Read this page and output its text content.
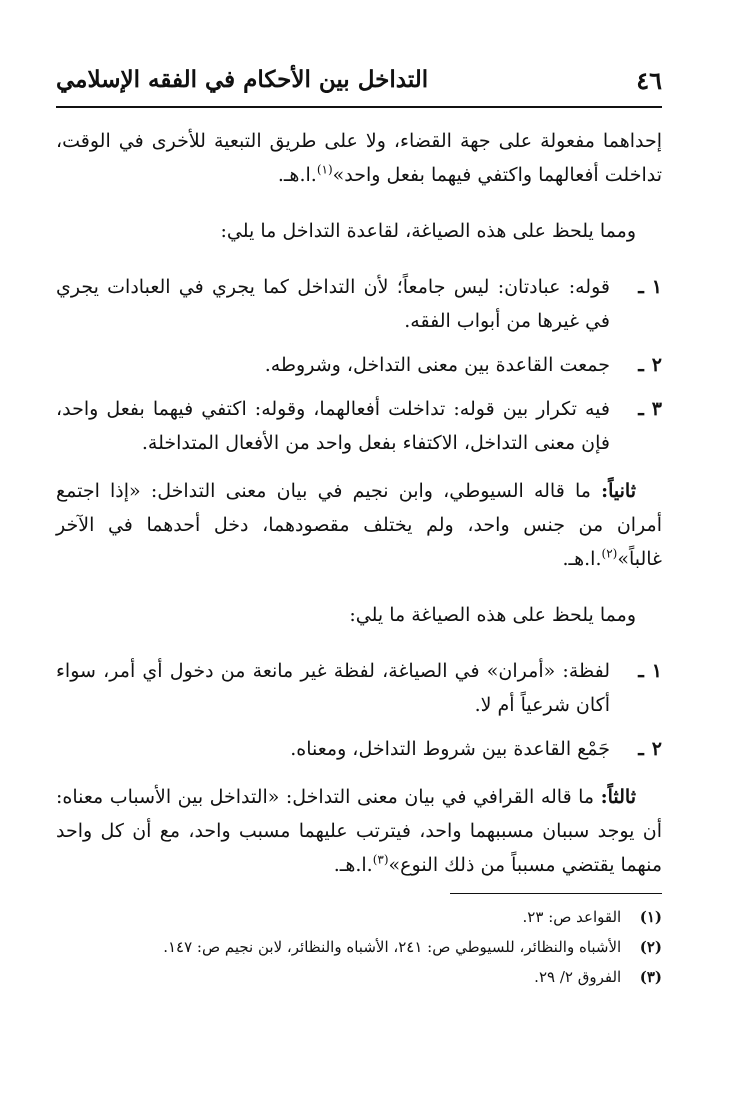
٤٦
التداخل بين الأحكام في الفقه الإسلامي

إحداهما مفعولة على جهة القضاء، ولا على طريق التبعية للأخرى في الوقت، تداخلت أفعالهما واكتفي فيهما بفعل واحد»$^{(١)}$.ا.هـ.

ومما يلحظ على هذه الصياغة، لقاعدة التداخل ما يلي:

١ـ
قوله: عبادتان: ليس جامعاً؛ لأن التداخل كما يجري في العبادات يجري في غيرها من أبواب الفقه.
٢ـ
جمعت القاعدة بين معنى التداخل، وشروطه.
٣ـ
فيه تكرار بين قوله: تداخلت أفعالهما، وقوله: اكتفي فيهما بفعل واحد، فإن معنى التداخل، الاكتفاء بفعل واحد من الأفعال المتداخلة.

ثانياً: ما قاله السيوطي، وابن نجيم في بيان معنى التداخل: «إذا اجتمع أمران من جنس واحد، ولم يختلف مقصودهما، دخل أحدهما في الآخر غالباً»$^{(٢)}$.ا.هـ.

ومما يلحظ على هذه الصياغة ما يلي:

١ـ
لفظة: «أمران» في الصياغة، لفظة غير مانعة من دخول أي أمر، سواء أكان شرعياً أم لا.
٢ـ
جَمْع القاعدة بين شروط التداخل، ومعناه.

ثالثاً: ما قاله القرافي في بيان معنى التداخل: «التداخل بين الأسباب معناه: أن يوجد سببان مسببهما واحد، فيترتب عليهما مسبب واحد، مع أن كل واحد منهما يقتضي مسبباً من ذلك النوع»$^{(٣)}$.ا.هـ.

(١) القواعد ص: ٢٣.
(٢) الأشباه والنظائر، للسيوطي ص: ٢٤١، الأشباه والنظائر، لابن نجيم ص: ١٤٧.
(٣) الفروق ٢/ ٢٩.
